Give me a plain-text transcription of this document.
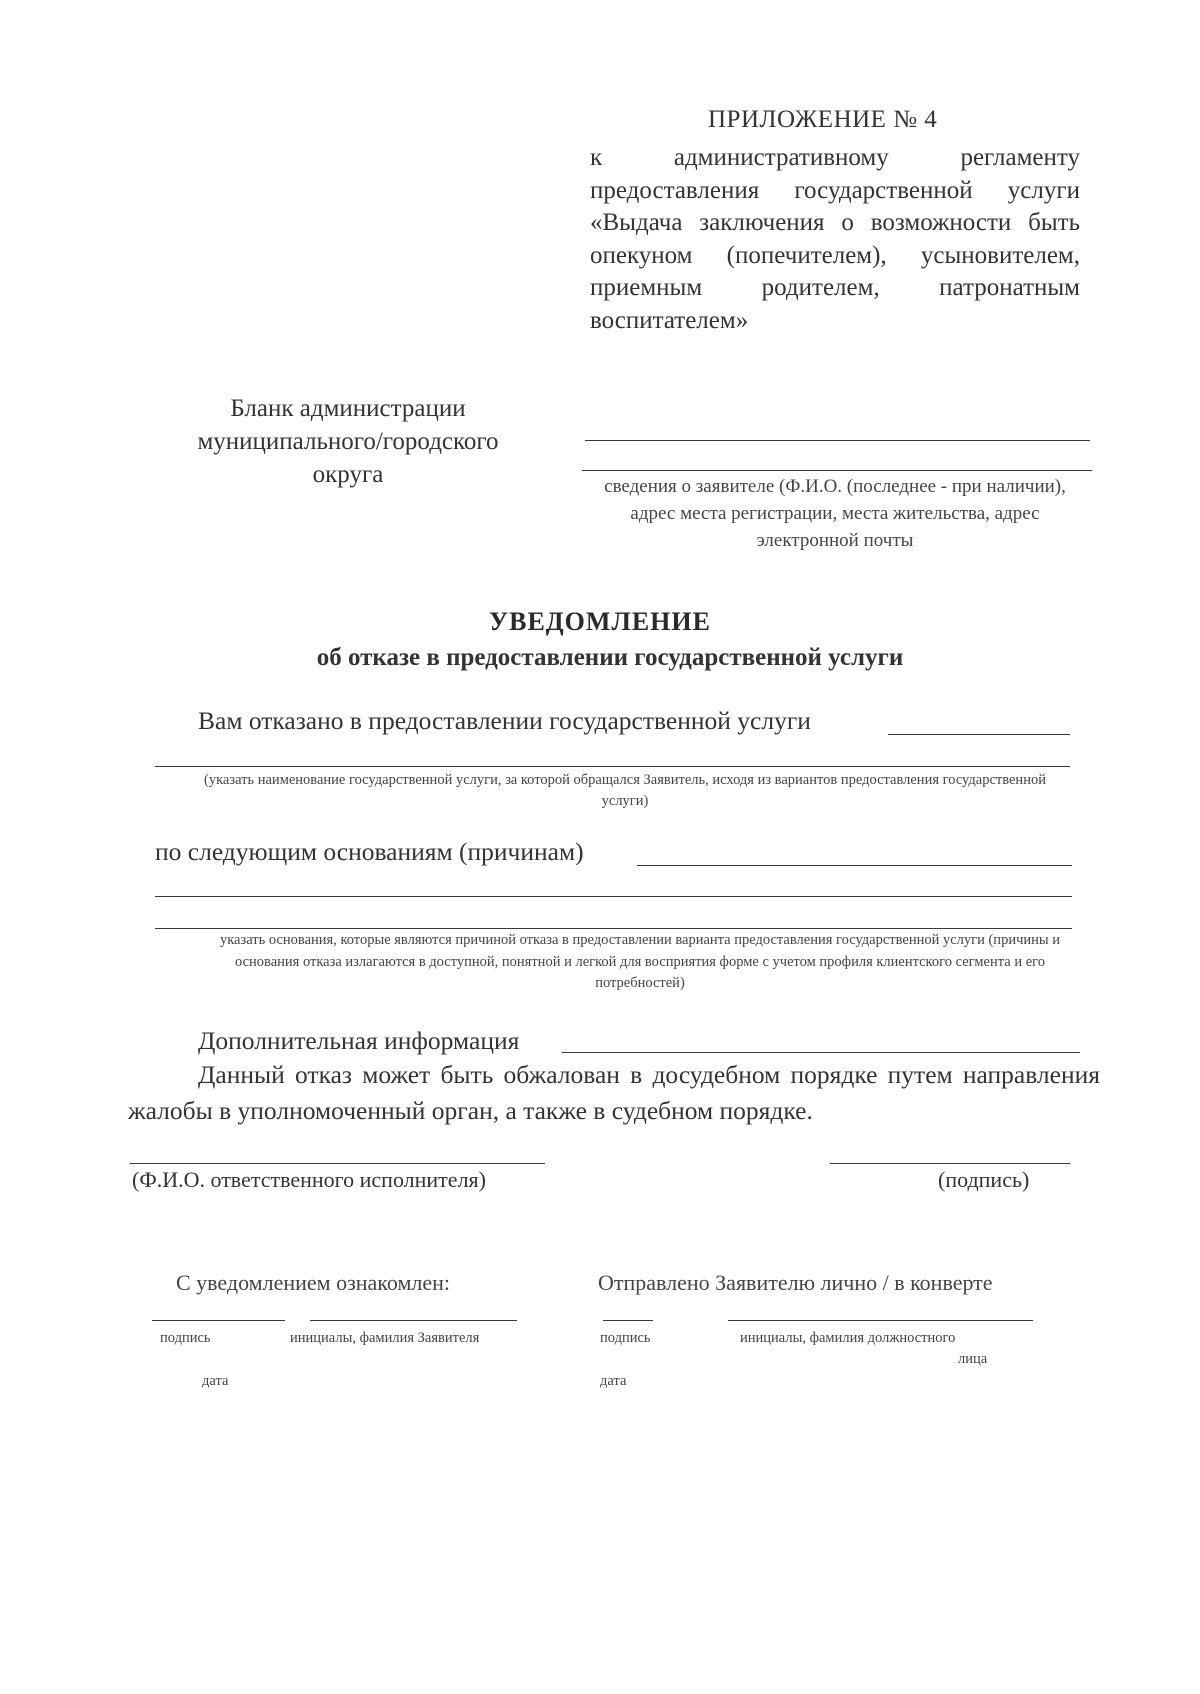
ПРИЛОЖЕНИЕ № 4
к административному регламенту предоставления государственной услуги «Выдача заключения о возможности быть опекуном (попечителем), усыновителем, приемным родителем, патронатным воспитателем»
Бланк администрации
муниципального/городского
округа	сведения о заявителе (Ф.И.О. (последнее - при наличии), адрес места регистрации, места жительства, адрес электронной почты
УВЕДОМЛЕНИЕ
об отказе в предоставлении государственной услуги
Вам отказано в предоставлении государственной услуги
(указать наименование государственной услуги, за которой обращался Заявитель, исходя из вариантов предоставления государственной услуги)
по следующим основаниям (причинам)
указать основания, которые являются причиной отказа в предоставлении варианта предоставления государственной услуги (причины и основания отказа излагаются в доступной, понятной и легкой для восприятия форме с учетом профиля клиентского сегмента и его потребностей)
Дополнительная информация
Данный отказ может быть обжалован в досудебном порядке путем направления жалобы в уполномоченный орган, а также в судебном порядке.
(Ф.И.О. ответственного исполнителя)	(подпись)
С уведомлением ознакомлен:
подпись	инициалы, фамилия Заявителя
дата
Отправлено Заявителю лично / в конверте
подпись	инициалы, фамилия должностного
лица
дата
